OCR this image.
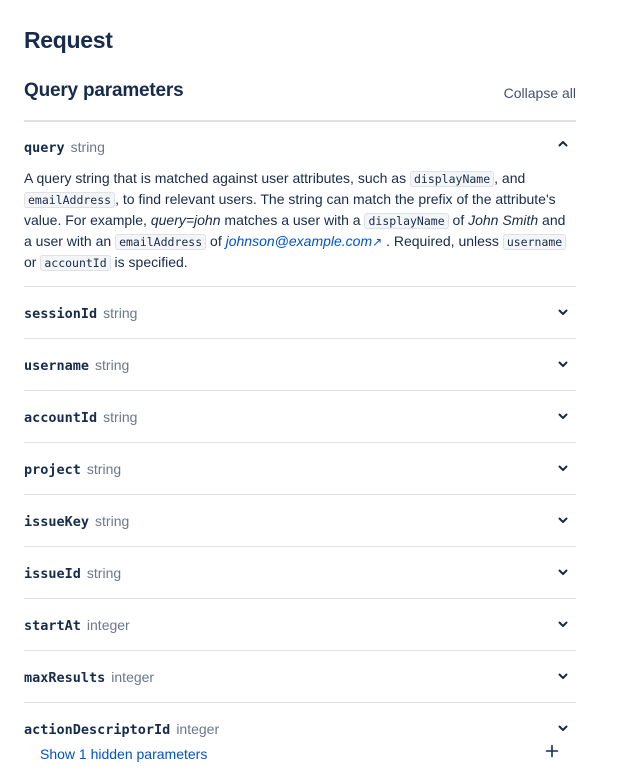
Request
Query parameters	Collapse all
query string
A query string that is matched against user attributes, such as displayName , and emailAddress , to find relevant users. The string can match the prefix of the attribute's value. For example, query=john matches a user with a displayName of John Smith and a user with an emailAddress of johnson@example.com↗ . Required, unless username or accountId is specified.
sessionId string
username string
accountId string
project string
issueKey string
issueId string
startAt integer
maxResults integer
actionDescriptorId integer
Show 1 hidden parameters
